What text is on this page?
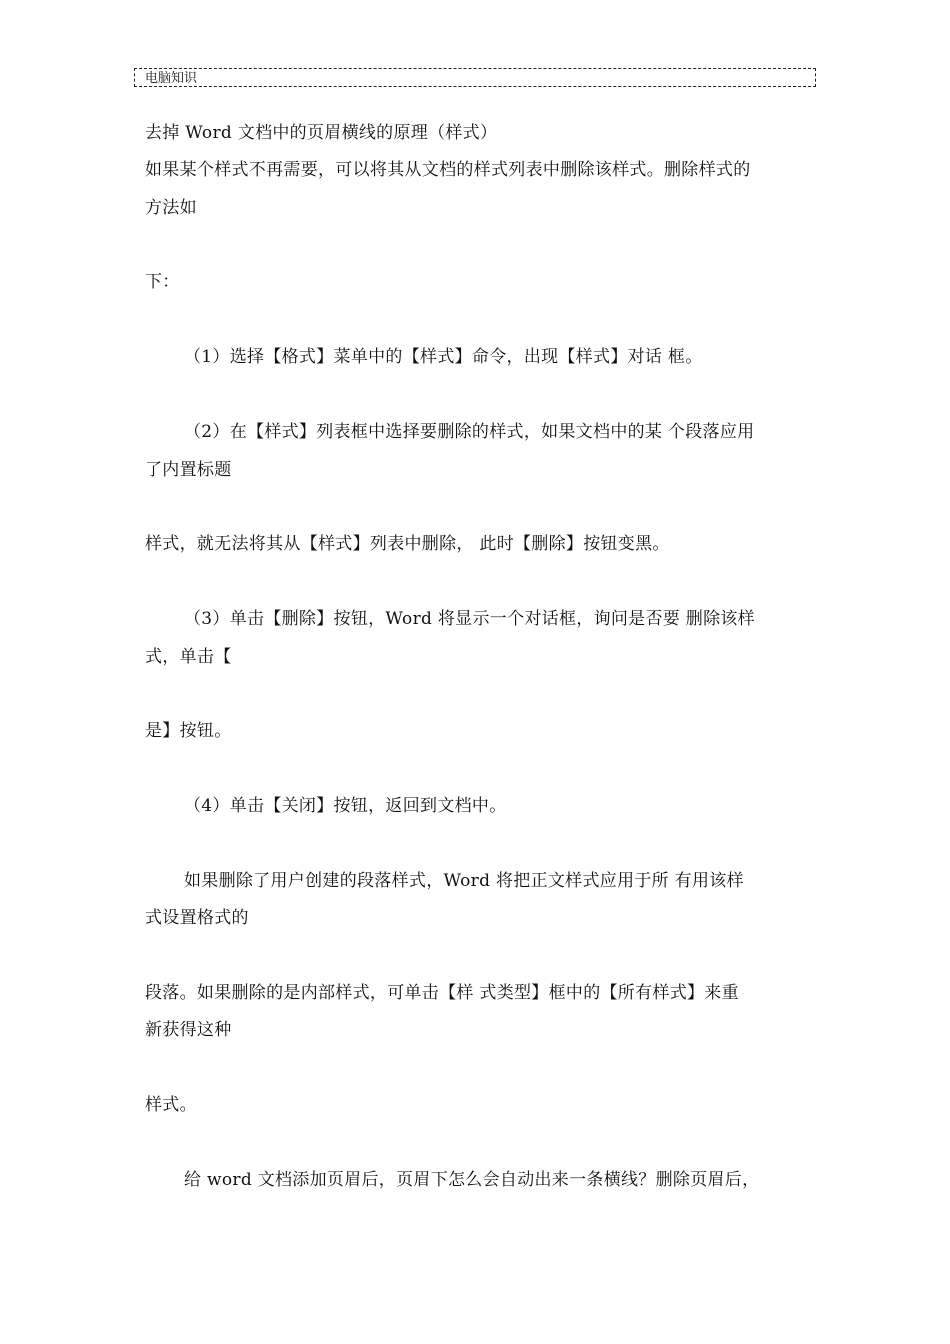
电脑知识
去掉 Word 文档中的页眉横线的原理（样式）
如果某个样式不再需要，可以将其从文档的样式列表中删除该样式。删除样式的
方法如
下：
（1）选择【格式】菜单中的【样式】命令，出现【样式】对话 框。
（2）在【样式】列表框中选择要删除的样式，如果文档中的某 个段落应用
了内置标题
样式，就无法将其从【样式】列表中删除， 此时【删除】按钮变黑。
（3）单击【删除】按钮，Word 将显示一个对话框，询问是否要 删除该样
式，单击【
是】按钮。
（4）单击【关闭】按钮，返回到文档中。
如果删除了用户创建的段落样式，Word 将把正文样式应用于所 有用该样
式设置格式的
段落。如果删除的是内部样式，可单击【样 式类型】框中的【所有样式】来重
新获得这种
样式。
给 word 文档添加页眉后，页眉下怎么会自动出来一条横线？删除页眉后，
